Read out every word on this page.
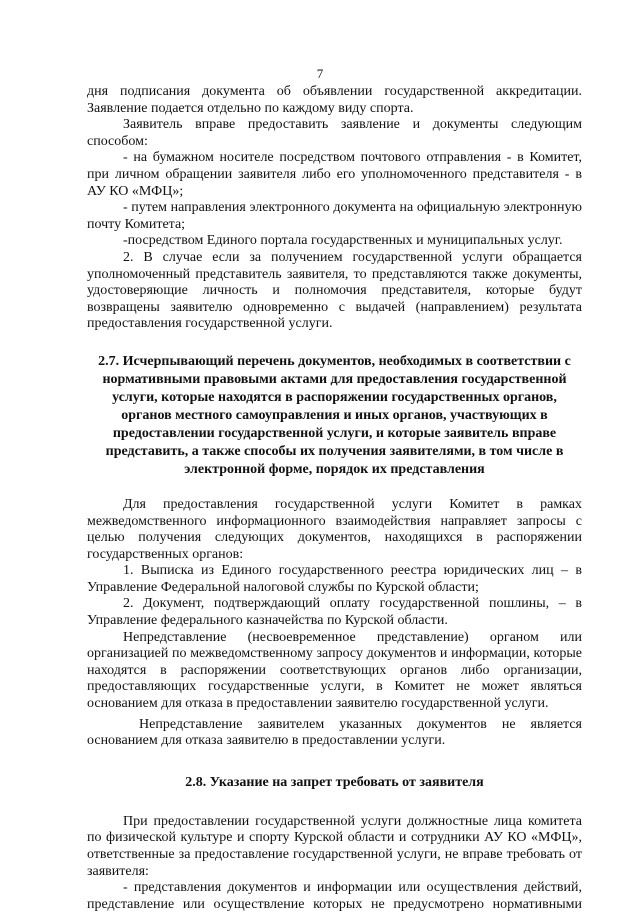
7

дня подписания документа об объявлении государственной аккредитации. Заявление подается отдельно по каждому виду спорта.

Заявитель вправе предоставить заявление и документы следующим способом:

- на бумажном носителе посредством почтового отправления - в Комитет, при личном обращении заявителя либо его уполномоченного представителя - в АУ КО «МФЦ»;

- путем направления электронного документа на официальную электронную почту Комитета;

-посредством Единого портала государственных и муниципальных услуг.

2. В случае если за получением государственной услуги обращается уполномоченный представитель заявителя, то представляются также документы, удостоверяющие личность и полномочия представителя, которые будут возвращены заявителю одновременно с выдачей (направлением) результата предоставления государственной услуги.

2.7. Исчерпывающий перечень документов, необходимых в соответствии с нормативными правовыми актами для предоставления государственной услуги, которые находятся в распоряжении государственных органов, органов местного самоуправления и иных органов, участвующих в предоставлении государственной услуги, и которые заявитель вправе представить, а также способы их получения заявителями, в том числе в электронной форме, порядок их представления

Для предоставления государственной услуги Комитет в рамках межведомственного информационного взаимодействия направляет запросы с целью получения следующих документов, находящихся в распоряжении государственных органов:

1. Выписка из Единого государственного реестра юридических лиц – в Управление Федеральной налоговой службы по Курской области;

2. Документ, подтверждающий оплату государственной пошлины, – в Управление федерального казначейства по Курской области.

Непредставление (несвоевременное представление) органом или организацией по межведомственному запросу документов и информации, которые находятся в распоряжении соответствующих органов либо организации, предоставляющих государственные услуги, в Комитет не может являться основанием для отказа в предоставлении заявителю государственной услуги.

Непредставление заявителем указанных документов не является основанием для отказа заявителю в предоставлении услуги.

2.8. Указание на запрет требовать от заявителя

При предоставлении государственной услуги должностные лица комитета по физической культуре и спорту Курской области и сотрудники АУ КО «МФЦ», ответственные за предоставление государственной услуги, не вправе требовать от заявителя:

- представления документов и информации или осуществления действий, представление или осуществление которых не предусмотрено нормативными
